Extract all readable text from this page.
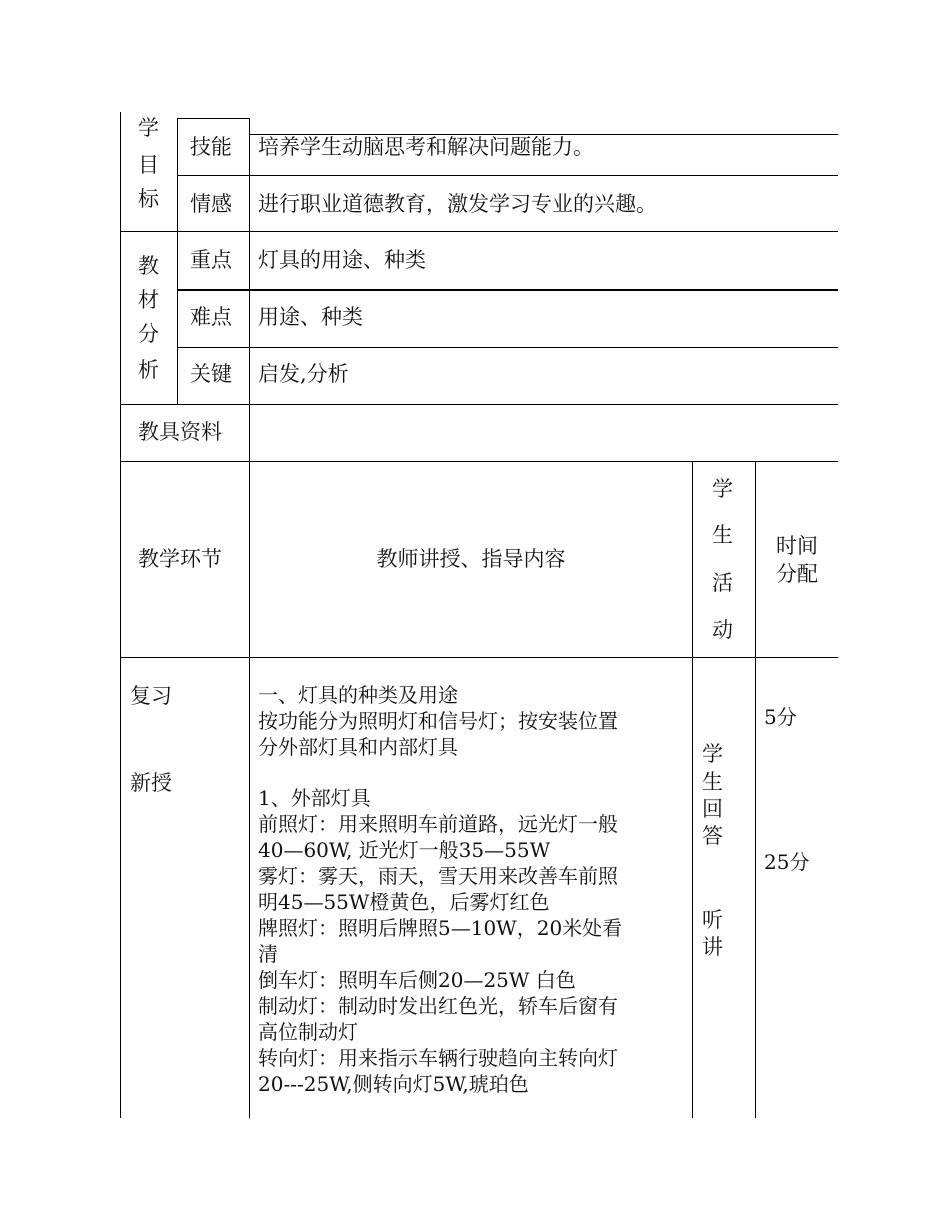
学
目
标
技能 培养学生动脑思考和解决问题能力。
情感 进行职业道德教育，激发学习专业的兴趣。
教
材
分
析
重点 灯具的用途、种类
难点 用途、种类
关键 启发,分析
教具资料
教学环节	教师讲授、指导内容
学
生
活
动
时间
分配
复习
新授
一、灯具的种类及用途
按功能分为照明灯和信号灯；按安装位置
分外部灯具和内部灯具
1、外部灯具
前照灯：用来照明车前道路，远光灯一般
40—60W, 近光灯一般35—55W
雾灯：雾天，雨天，雪天用来改善车前照
明45—55W橙黄色，后雾灯红色
牌照灯：照明后牌照5—10W，20米处看
清
倒车灯：照明车后侧20—25W 白色
制动灯：制动时发出红色光，轿车后窗有
高位制动灯
转向灯：用来指示车辆行驶趋向主转向灯
20---25W,侧转向灯5W,琥珀色
学
生
回
答
听
讲
5分
25分
